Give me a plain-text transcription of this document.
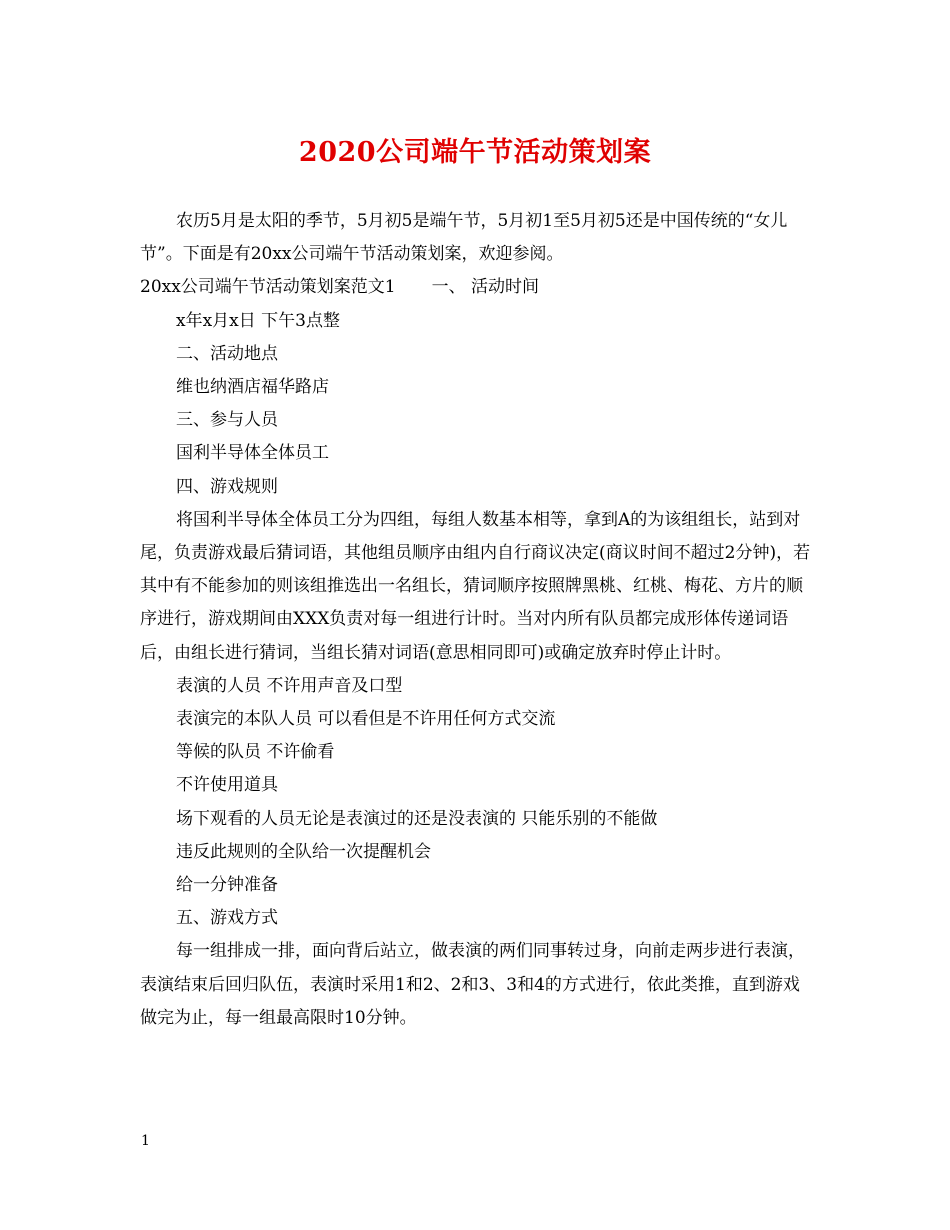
2020公司端午节活动策划案

农历5月是太阳的季节，5月初5是端午节，5月初1至5月初5还是中国传统的“女儿节”。下面是有20xx公司端午节活动策划案，欢迎参阅。

20xx公司端午节活动策划案范文1 一、 活动时间

x年x月x日 下午3点整

二、活动地点

维也纳酒店福华路店

三、参与人员

国利半导体全体员工

四、游戏规则

将国利半导体全体员工分为四组，每组人数基本相等，拿到A的为该组组长，站到对尾，负责游戏最后猜词语，其他组员顺序由组内自行商议决定(商议时间不超过2分钟)，若其中有不能参加的则该组推选出一名组长，猜词顺序按照牌黑桃、红桃、梅花、方片的顺序进行，游戏期间由XXX负责对每一组进行计时。当对内所有队员都完成形体传递词语后，由组长进行猜词，当组长猜对词语(意思相同即可)或确定放弃时停止计时。

表演的人员 不许用声音及口型

表演完的本队人员 可以看但是不许用任何方式交流

等候的队员 不许偷看

不许使用道具

场下观看的人员无论是表演过的还是没表演的 只能乐别的不能做

违反此规则的全队给一次提醒机会

给一分钟准备

五、游戏方式

每一组排成一排，面向背后站立，做表演的两们同事转过身，向前走两步进行表演，表演结束后回归队伍，表演时采用1和2、2和3、3和4的方式进行，依此类推，直到游戏做完为止，每一组最高限时10分钟。

1
